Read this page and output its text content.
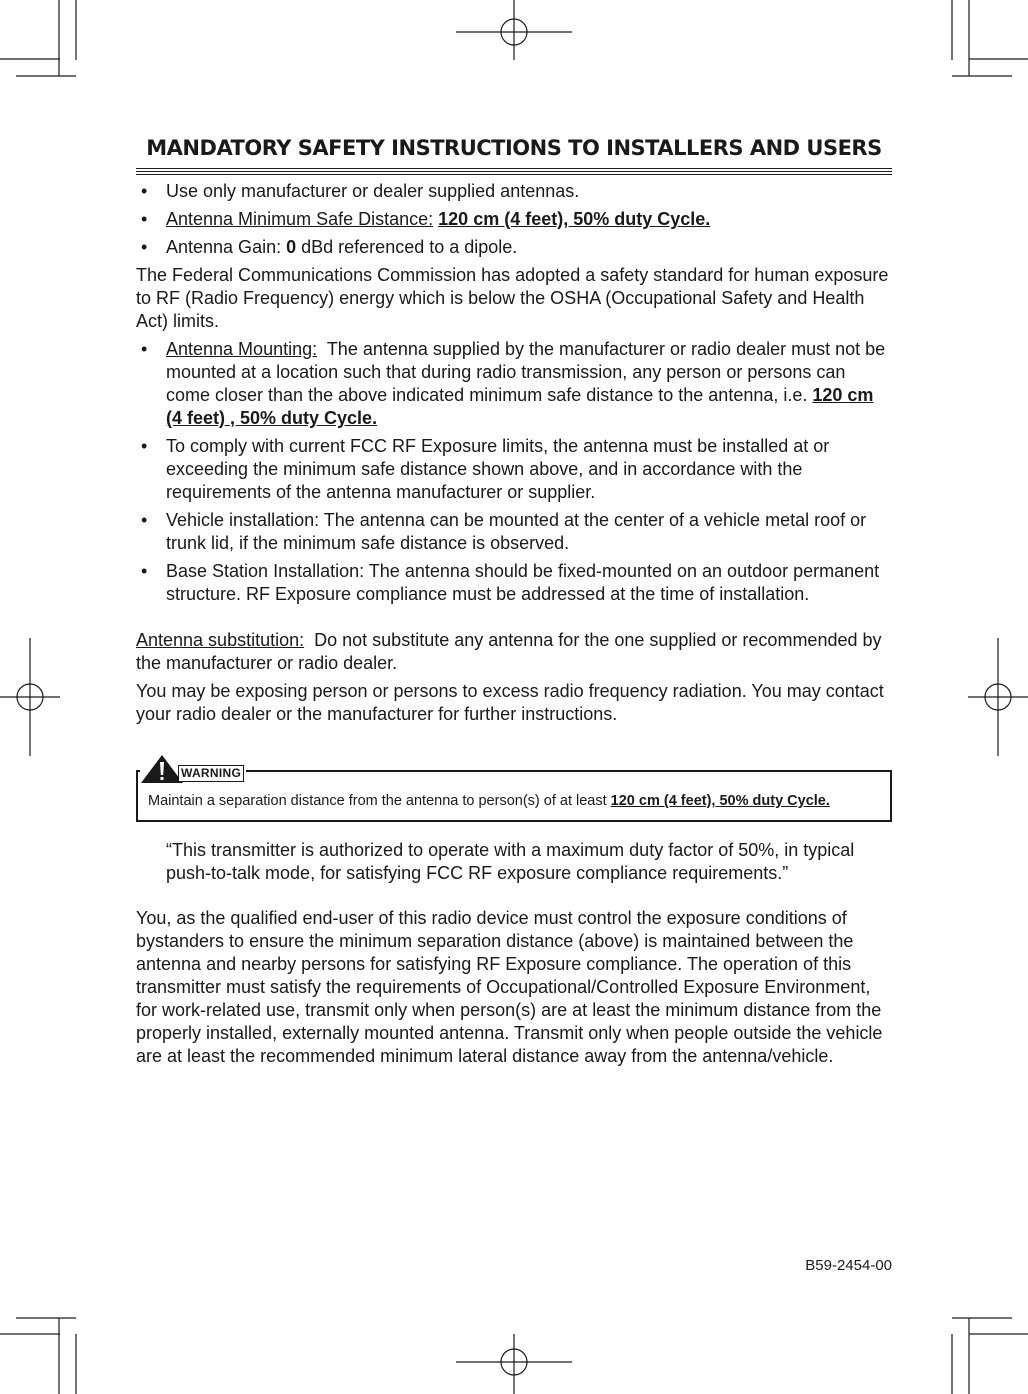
MANDATORY SAFETY INSTRUCTIONS TO INSTALLERS AND USERS
• Use only manufacturer or dealer supplied antennas.
• Antenna Minimum Safe Distance: 120 cm (4 feet), 50% duty Cycle.
• Antenna Gain: 0 dBd referenced to a dipole.

The Federal Communications Commission has adopted a safety standard for human exposure to RF (Radio Frequency) energy which is below the OSHA (Occupational Safety and Health Act) limits.

• Antenna Mounting: The antenna supplied by the manufacturer or radio dealer must not be mounted at a location such that during radio transmission, any person or persons can come closer than the above indicated minimum safe distance to the antenna, i.e. 120 cm (4 feet) , 50% duty Cycle.
• To comply with current FCC RF Exposure limits, the antenna must be installed at or exceeding the minimum safe distance shown above, and in accordance with the requirements of the antenna manufacturer or supplier.
• Vehicle installation: The antenna can be mounted at the center of a vehicle metal roof or trunk lid, if the minimum safe distance is observed.
• Base Station Installation: The antenna should be fixed-mounted on an outdoor permanent structure. RF Exposure compliance must be addressed at the time of installation.

Antenna substitution: Do not substitute any antenna for the one supplied or recommended by the manufacturer or radio dealer.

You may be exposing person or persons to excess radio frequency radiation. You may contact your radio dealer or the manufacturer for further instructions.

WARNING
Maintain a separation distance from the antenna to person(s) of at least 120 cm (4 feet), 50% duty Cycle.

“This transmitter is authorized to operate with a maximum duty factor of 50%, in typical push-to-talk mode, for satisfying FCC RF exposure compliance requirements.”

You, as the qualified end-user of this radio device must control the exposure conditions of bystanders to ensure the minimum separation distance (above) is maintained between the antenna and nearby persons for satisfying RF Exposure compliance. The operation of this transmitter must satisfy the requirements of Occupational/Controlled Exposure Environment, for work-related use, transmit only when person(s) are at least the minimum distance from the properly installed, externally mounted antenna. Transmit only when people outside the vehicle are at least the recommended minimum lateral distance away from the antenna/vehicle.

B59-2454-00
